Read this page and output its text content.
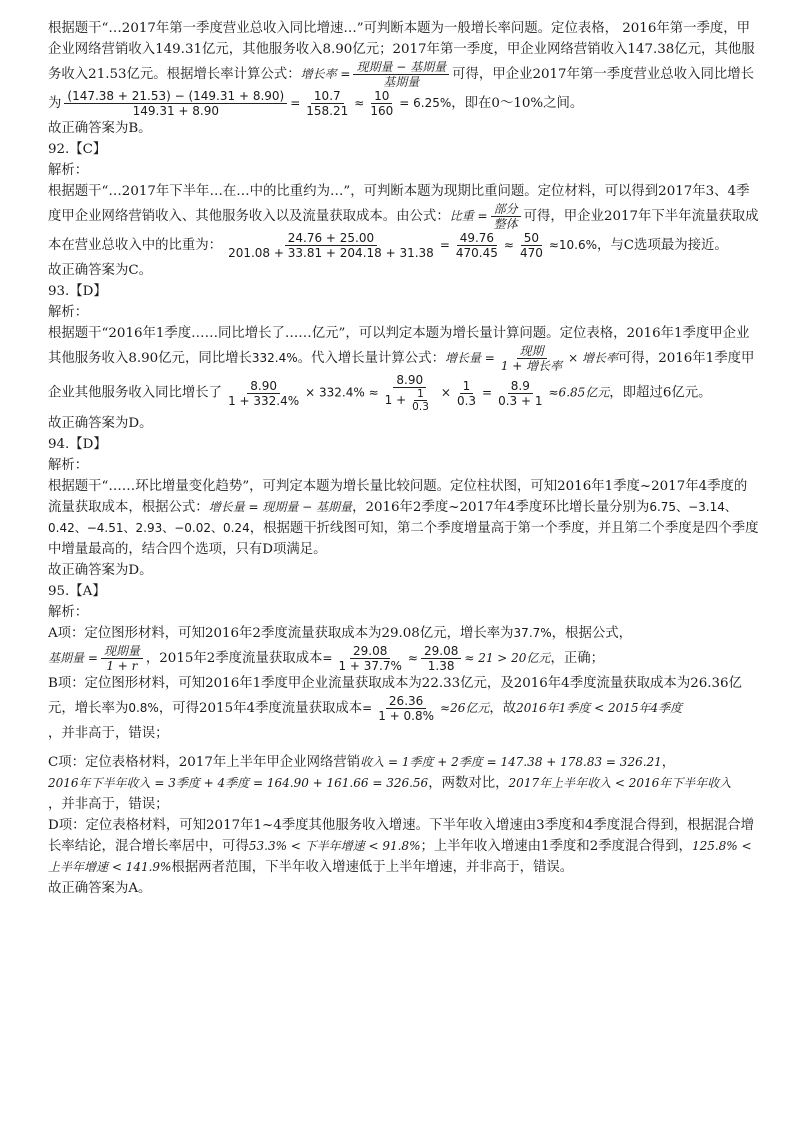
根据题干“…2017年第一季度营业总收入同比增速…”可判断本题为一般增长率问题。定位表格， 2016年第一季度，甲企业网络营销收入149.31亿元，其他服务收入8.90亿元；2017年第一季度，甲企业网络营销收入147.38亿元，其他服务收入21.53亿元。根据增长率计算公式：增长率 = $\frac{\text{现期量 − 基期量}}{\text{基期量}}$ 可得，甲企业2017年第一季度营业总收入同比增长为 $\frac{(147.38 + 21.53) - (149.31 + 8.90)}{149.31 + 8.90} = \frac{10.7}{158.21} \approx \frac{10}{160} = 6.25\%$，即在0～10%之间。

故正确答案为B。

92.【C】

解析：

根据题干“…2017年下半年…在…中的比重约为…”，可判断本题为现期比重问题。定位材料，可以得到2017年3、4季度甲企业网络营销收入、其他服务收入以及流量获取成本。由公式：比重 = $\frac{\text{部分}}{\text{整体}}$ 可得，甲企业2017年下半年流量获取成本在营业总收入中的比重为： $\frac{24.76 + 25.00}{201.08 + 33.81 + 204.18 + 31.38} = \frac{49.76}{470.45} \approx \frac{50}{470} \approx 10.6\%$，与C选项最为接近。

故正确答案为C。

93.【D】

解析：

根据题干“2016年1季度……同比增长了……亿元”，可以判定本题为增长量计算问题。定位表格，2016年1季度甲企业其他服务收入8.90亿元，同比增长332.4%。代入增长量计算公式：增长量 = $\frac{\text{现期}}{\text{1 + 增长率}}$ × 增长率可得，2016年1季度甲企业其他服务收入同比增长了 $\frac{8.90}{1 + 332.4\%} \times 332.4\% \approx \frac{8.90}{1 + \frac{1}{0.3}} \times \frac{1}{0.3} = \frac{8.9}{0.3 + 1} \approx 6.85$亿元，即超过6亿元。

故正确答案为D。

94.【D】

解析：

根据题干“……环比增量变化趋势”，可判定本题为增长量比较问题。定位柱状图，可知2016年1季度~2017年4季度的流量获取成本，根据公式：增长量 = 现期量 − 基期量，2016年2季度~2017年4季度环比增长量分别为6.75、−3.14、0.42、−4.51、2.93、−0.02、0.24，根据题干折线图可知，第二个季度增量高于第一个季度，并且第二个季度是四个季度中增量最高的，结合四个选项，只有D项满足。

故正确答案为D。

95.【A】

解析：

A项：定位图形材料，可知2016年2季度流量获取成本为29.08亿元，增长率为37.7%，根据公式，
基期量 = $\frac{\text{现期量}}{1 + r}$ ，2015年2季度流量获取成本= $\frac{29.08}{1 + 37.7\%} \approx \frac{29.08}{1.38} \approx 21 > 20$亿元，正确；

B项：定位图形材料，可知2016年1季度甲企业流量获取成本为22.33亿元，及2016年4季度流量获取成本为26.36亿元，增长率为0.8%，可得2015年4季度流量获取成本= $\frac{26.36}{1 + 0.8\%} \approx 26$亿元，故2016年1季度 < 2015年4季度
，并非高于，错误；

C项：定位表格材料，2017年上半年甲企业网络营销收入 = 1季度 + 2季度 = 147.38 + 178.83 = 326.21，
2016年下半年收入 = 3季度 + 4季度 = 164.90 + 161.66 = 326.56，两数对比，2017年上半年收入 < 2016年下半年收入
，并非高于，错误；

D项：定位表格材料，可知2017年1~4季度其他服务收入增速。下半年收入增速由3季度和4季度混合得到，根据混合增长率结论，混合增长率居中，可得53.3% < 下半年增速 < 91.8%；上半年收入增速由1季度和2季度混合得到，125.8% < 上半年增速 < 141.9%根据两者范围，下半年收入增速低于上半年增速，并非高于，错误。

故正确答案为A。
